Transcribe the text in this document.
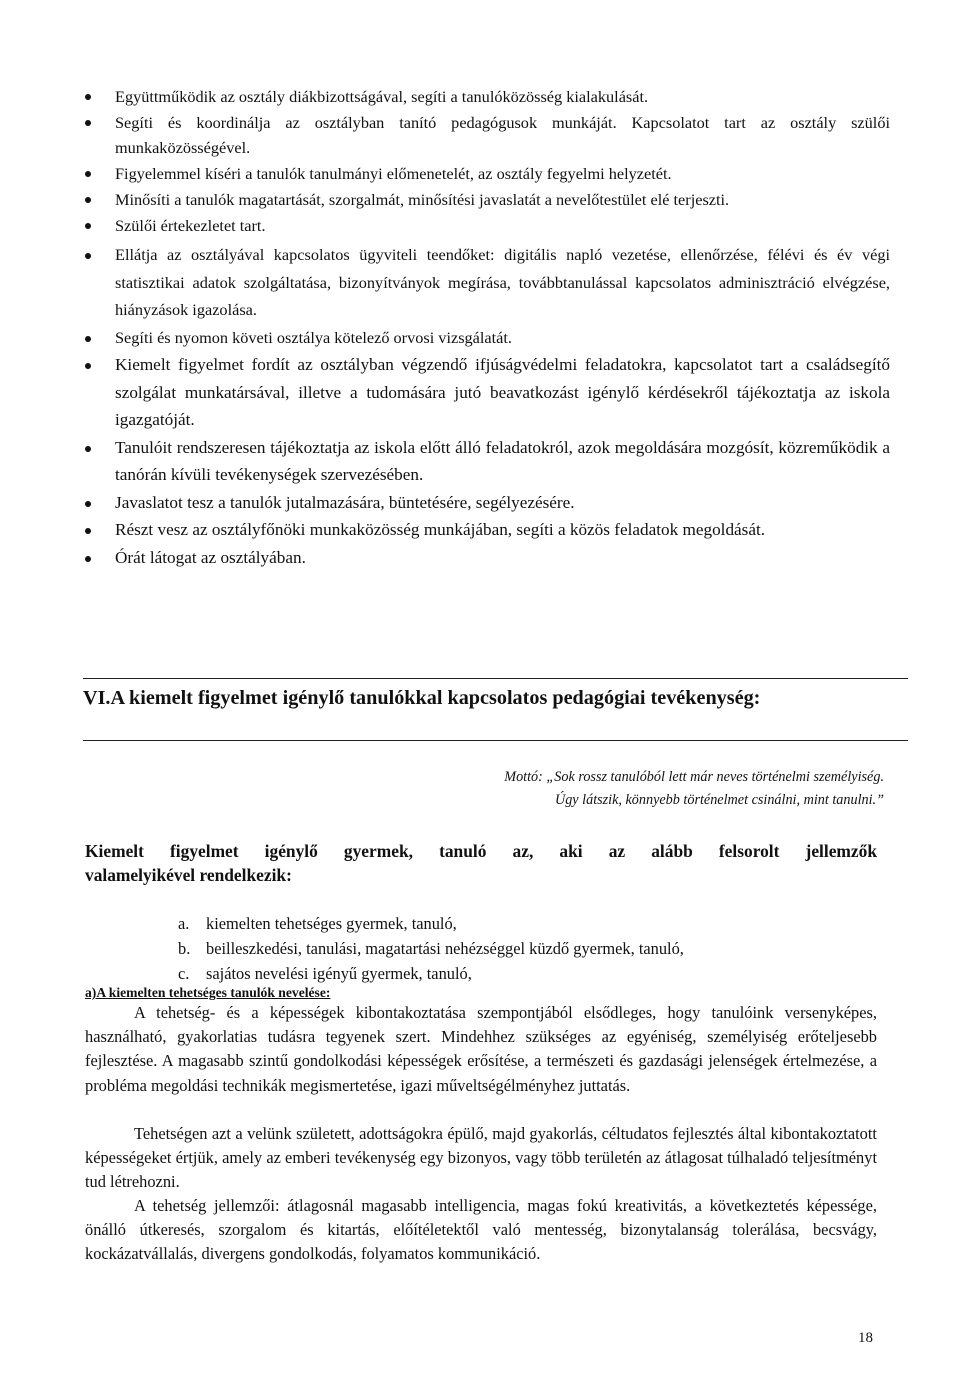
Együttműködik az osztály diákbizottságával, segíti a tanulóközösség kialakulását.
Segíti és koordinálja az osztályban tanító pedagógusok munkáját. Kapcsolatot tart az osztály szülői munkaközösségével.
Figyelemmel kíséri a tanulók tanulmányi előmenetelét, az osztály fegyelmi helyzetét.
Minősíti a tanulók magatartását, szorgalmát, minősítési javaslatát a nevelőtestület elé terjeszti.
Szülői értekezletet tart.
Ellátja az osztályával kapcsolatos ügyviteli teendőket: digitális napló vezetése, ellenőrzése, félévi és év végi statisztikai adatok szolgáltatása, bizonyítványok megírása, továbbtanulással kapcsolatos adminisztráció elvégzése, hiányzások igazolása.
Segíti és nyomon követi osztálya kötelező orvosi vizsgálatát.
Kiemelt figyelmet fordít az osztályban végzendő ifjúságvédelmi feladatokra, kapcsolatot tart a családsegítő szolgálat munkatársával, illetve a tudomására jutó beavatkozást igénylő kérdésekről tájékoztatja az iskola igazgatóját.
Tanulóit rendszeresen tájékoztatja az iskola előtt álló feladatokról, azok megoldására mozgósít, közreműködik a tanórán kívüli tevékenységek szervezésében.
Javaslatot tesz a tanulók jutalmazására, büntetésére, segélyezésére.
Részt vesz az osztályfőnöki munkaközösség munkájában, segíti a közös feladatok megoldását.
Órát látogat az osztályában.
VI.A kiemelt figyelmet igénylő tanulókkal kapcsolatos pedagógiai tevékenység:
Mottó: „Sok rossz tanulóból lett már neves történelmi személyiség.
Úgy látszik, könnyebb történelmet csinálni, mint tanulni.”

Kiemelt figyelmet igénylő gyermek, tanuló az, aki az alább felsorolt jellemzők
valamelyikével rendelkezik:

a. kiemelten tehetséges gyermek, tanuló,
b. beilleszkedési, tanulási, magatartási nehézséggel küzdő gyermek, tanuló,
c. sajátos nevelési igényű gyermek, tanuló,

a)A kiemelten tehetséges tanulók nevelése:

A tehetség- és a képességek kibontakoztatása szempontjából elsődleges, hogy tanulóink versenyképes, használható, gyakorlatias tudásra tegyenek szert. Mindehhez szükséges az egyéniség, személyiség erőteljesebb fejlesztése. A magasabb szintű gondolkodási képességek erősítése, a természeti és gazdasági jelenségek értelmezése, a probléma megoldási technikák megismertetése, igazi műveltségélményhez juttatás.

Tehetségen azt a velünk született, adottságokra épülő, majd gyakorlás, céltudatos fejlesztés által kibontakoztatott képességeket értjük, amely az emberi tevékenység egy bizonyos, vagy több területén az átlagosat túlhaladó teljesítményt tud létrehozni.

A tehetség jellemzői: átlagosnál magasabb intelligencia, magas fokú kreativitás, a következtetés képessége, önálló útkeresés, szorgalom és kitartás, előítéletektől való mentesség, bizonytalanság tolerálása, becsvágy, kockázatvállalás, divergens gondolkodás, folyamatos kommunikáció.

18
